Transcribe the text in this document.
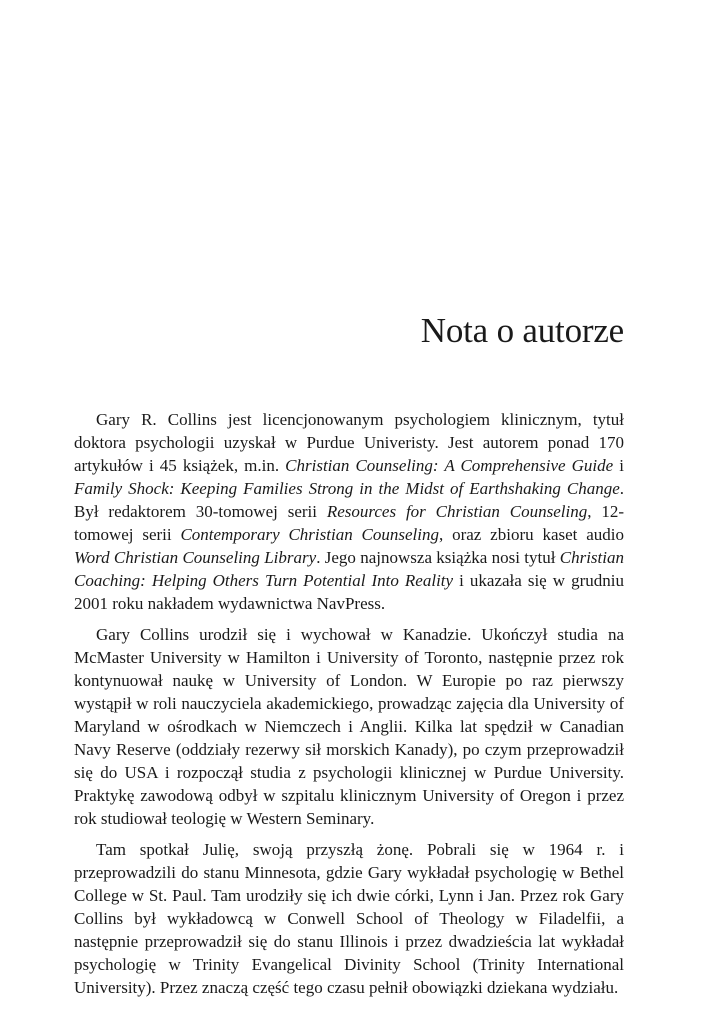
Nota o autorze

Gary R. Collins jest licencjonowanym psychologiem klinicznym, tytuł doktora psychologii uzyskał w Purdue Univeristy. Jest autorem ponad 170 artykułów i 45 książek, m.in. Christian Counseling: A Comprehensive Guide i Family Shock: Keeping Families Strong in the Midst of Earthshaking Change. Był redaktorem 30-tomowej serii Resources for Christian Counseling, 12-tomowej serii Contemporary Christian Counseling, oraz zbioru kaset audio Word Christian Counseling Library. Jego najnowsza książka nosi tytuł Christian Coaching: Helping Others Turn Potential Into Reality i ukazała się w grudniu 2001 roku nakładem wydawnictwa NavPress.

Gary Collins urodził się i wychował w Kanadzie. Ukończył studia na McMaster University w Hamilton i University of Toronto, następnie przez rok kontynuował naukę w University of London. W Europie po raz pierwszy wystąpił w roli nauczyciela akademickiego, prowadząc zajęcia dla University of Maryland w ośrodkach w Niemczech i Anglii. Kilka lat spędził w Canadian Navy Reserve (oddziały rezerwy sił morskich Kanady), po czym przeprowadził się do USA i rozpoczął studia z psychologii klinicznej w Purdue University. Praktykę zawodową odbył w szpitalu klinicznym University of Oregon i przez rok studiował teologię w Western Seminary.

Tam spotkał Julię, swoją przyszłą żonę. Pobrali się w 1964 r. i przeprowadzili do stanu Minnesota, gdzie Gary wykładał psychologię w Bethel College w St. Paul. Tam urodziły się ich dwie córki, Lynn i Jan. Przez rok Gary Collins był wykładowcą w Conwell School of Theology w Filadelfii, a następnie przeprowadził się do stanu Illinois i przez dwadzieścia lat wykładał psychologię w Trinity Evangelical Divinity School (Trinity International University). Przez znaczą część tego czasu pełnił obowiązki dziekana wydziału.
